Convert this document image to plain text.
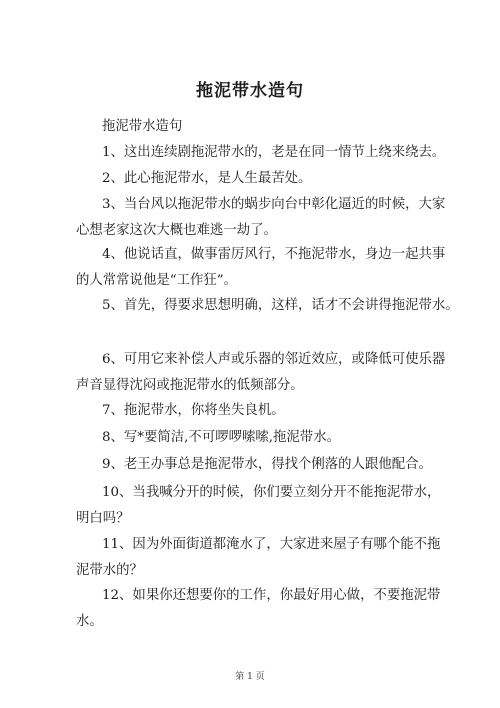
拖泥带水造句
拖泥带水造句
1、这出连续剧拖泥带水的，老是在同一情节上绕来绕去。
2、此心拖泥带水，是人生最苦处。
3、当台风以拖泥带水的蜗步向台中彰化逼近的时候，大家
心想老家这次大概也难逃一劫了。
4、他说话直，做事雷厉风行，不拖泥带水，身边一起共事
的人常常说他是“工作狂”。
5、首先，得要求思想明确，这样，话才不会讲得拖泥带水。
6、可用它来补偿人声或乐器的邻近效应，或降低可使乐器
声音显得沈闷或拖泥带水的低频部分。
7、拖泥带水，你将坐失良机。
8、写*要简洁,不可啰啰嗦嗦,拖泥带水。
9、老王办事总是拖泥带水，得找个俐落的人跟他配合。
10、当我喊分开的时候，你们要立刻分开不能拖泥带水，
明白吗？
11、因为外面街道都淹水了，大家进来屋子有哪个能不拖
泥带水的？
12、如果你还想要你的工作，你最好用心做，不要拖泥带
水。
第 1 页
